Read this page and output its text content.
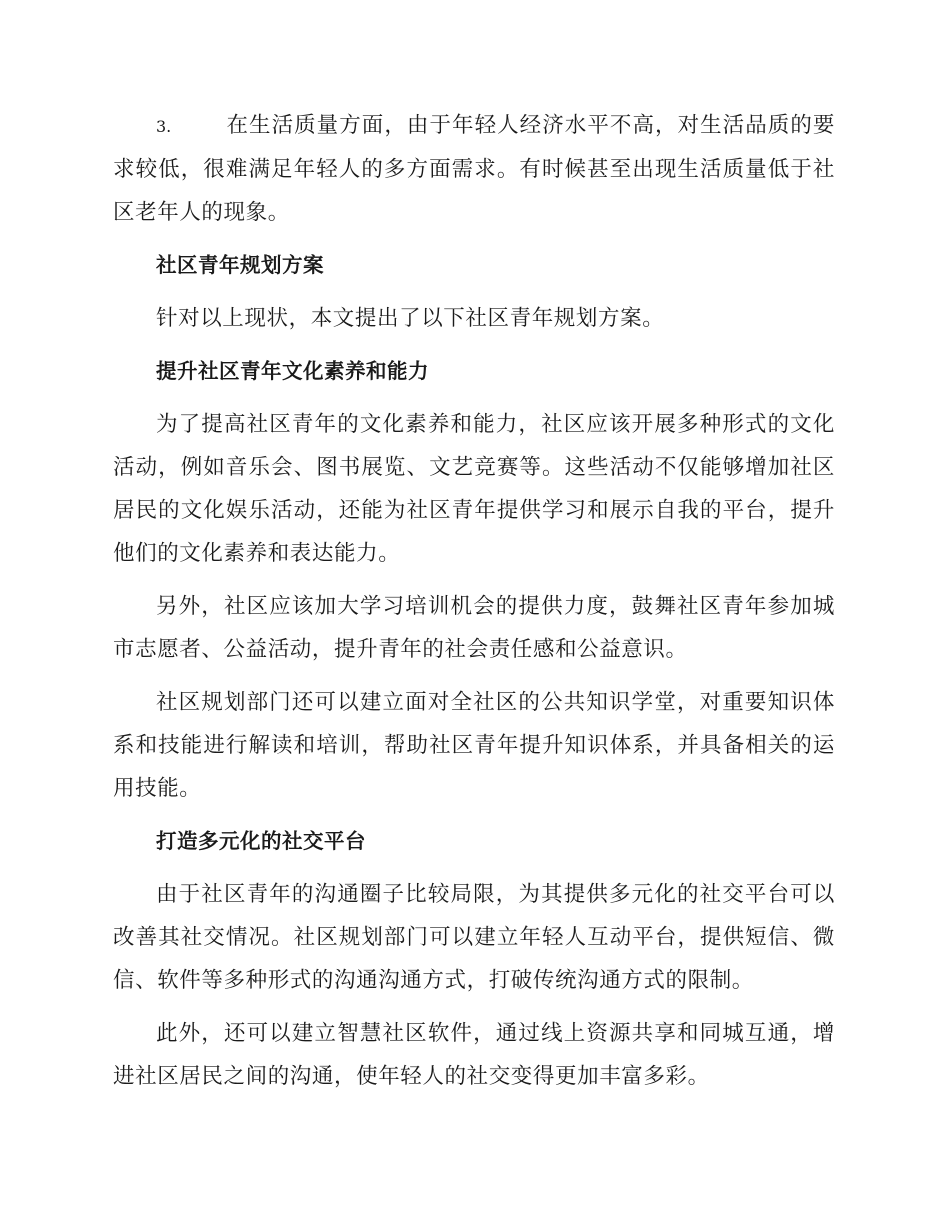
3.	在生活质量方面，由于年轻人经济水平不高，对生活品质的要求较低，很难满足年轻人的多方面需求。有时候甚至出现生活质量低于社区老年人的现象。

社区青年规划方案

针对以上现状，本文提出了以下社区青年规划方案。

提升社区青年文化素养和能力

为了提高社区青年的文化素养和能力，社区应该开展多种形式的文化活动，例如音乐会、图书展览、文艺竞赛等。这些活动不仅能够增加社区居民的文化娱乐活动，还能为社区青年提供学习和展示自我的平台，提升他们的文化素养和表达能力。

另外，社区应该加大学习培训机会的提供力度，鼓舞社区青年参加城市志愿者、公益活动，提升青年的社会责任感和公益意识。

社区规划部门还可以建立面对全社区的公共知识学堂，对重要知识体系和技能进行解读和培训，帮助社区青年提升知识体系，并具备相关的运用技能。

打造多元化的社交平台

由于社区青年的沟通圈子比较局限，为其提供多元化的社交平台可以改善其社交情况。社区规划部门可以建立年轻人互动平台，提供短信、微信、软件等多种形式的沟通沟通方式，打破传统沟通方式的限制。

此外，还可以建立智慧社区软件，通过线上资源共享和同城互通，增进社区居民之间的沟通，使年轻人的社交变得更加丰富多彩。
